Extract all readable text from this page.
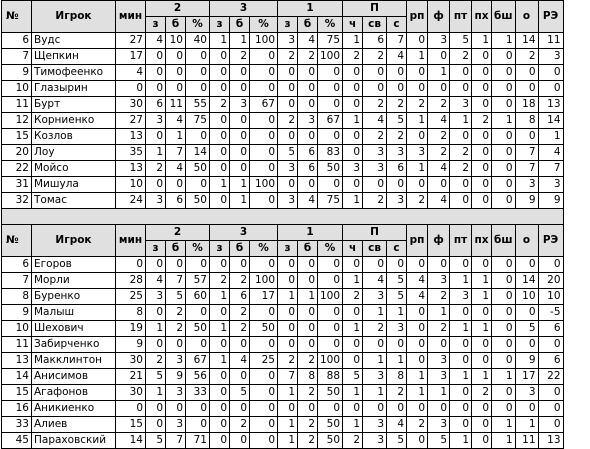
№	Игрок	мин	2			3			1			П			рп	ф	пт	пх	бш	о	РЭ
			з	б	%	з	б	%	з	б	%	ч	св	с							
6	Вудс	27	4	10	40	1	1	100	3	4	75	1	6	7	0	3	5	1	1	14	11
7	Щепкин	17	0	0	0	0	2	0	2	2	100	2	2	4	1	0	2	0	0	2	3
9	Тимофеенко	4	0	0	0	0	0	0	0	0	0	0	0	0	0	1	0	0	0	0	0
10	Глазырин	0	0	0	0	0	0	0	0	0	0	0	0	0	0	0	0	0	0	0	0
11	Бурт	30	6	11	55	2	3	67	0	0	0	0	2	2	2	2	3	0	0	18	13
12	Корниенко	27	3	4	75	0	0	0	2	3	67	1	4	5	1	4	1	2	1	8	14
15	Козлов	13	0	1	0	0	0	0	0	0	0	0	2	2	0	2	0	0	0	0	1
20	Лоу	35	1	7	14	0	0	0	5	6	83	0	3	3	3	2	2	0	0	7	4
22	Мойсо	13	2	4	50	0	0	0	3	6	50	3	3	6	1	4	2	0	0	7	7
31	Мишула	10	0	0	0	1	1	100	0	0	0	0	0	0	0	0	0	0	0	3	3
32	Томас	24	3	6	50	0	1	0	3	4	75	1	2	3	2	4	0	0	0	9	9

№	Игрок	мин	2			3			1			П			рп	ф	пт	пх	бш	о	РЭ
			з	б	%	з	б	%	з	б	%	ч	св	с							
6	Егоров	0	0	0	0	0	0	0	0	0	0	0	0	0	0	0	0	0	0	0	0
7	Морли	28	4	7	57	2	2	100	0	0	0	1	4	5	4	3	1	1	0	14	20
8	Буренко	25	3	5	60	1	6	17	1	1	100	2	3	5	4	2	3	1	0	10	10
9	Малыш	8	0	2	0	0	2	0	0	0	0	0	1	1	0	1	0	0	0	0	-5
10	Шехович	19	1	2	50	1	2	50	0	0	0	1	2	3	0	2	1	1	0	5	6
11	Забирченко	9	0	0	0	0	0	0	0	0	0	0	0	0	0	0	0	0	0	0	0
13	Макклинтон	30	2	3	67	1	4	25	2	2	100	0	1	1	0	3	0	0	0	9	6
14	Анисимов	21	5	9	56	0	0	0	7	8	88	5	3	8	1	3	1	1	1	17	22
15	Агафонов	30	1	3	33	0	5	0	1	2	50	1	1	2	1	1	0	2	0	3	0
16	Аникиенко	0	0	0	0	0	0	0	0	0	0	0	0	0	0	0	0	0	0	0	0
33	Алиев	15	0	3	0	0	2	0	1	2	50	1	3	4	2	3	0	0	1	1	0
45	Параховский	14	5	7	71	0	0	0	1	2	50	2	3	5	0	5	1	0	1	11	13
